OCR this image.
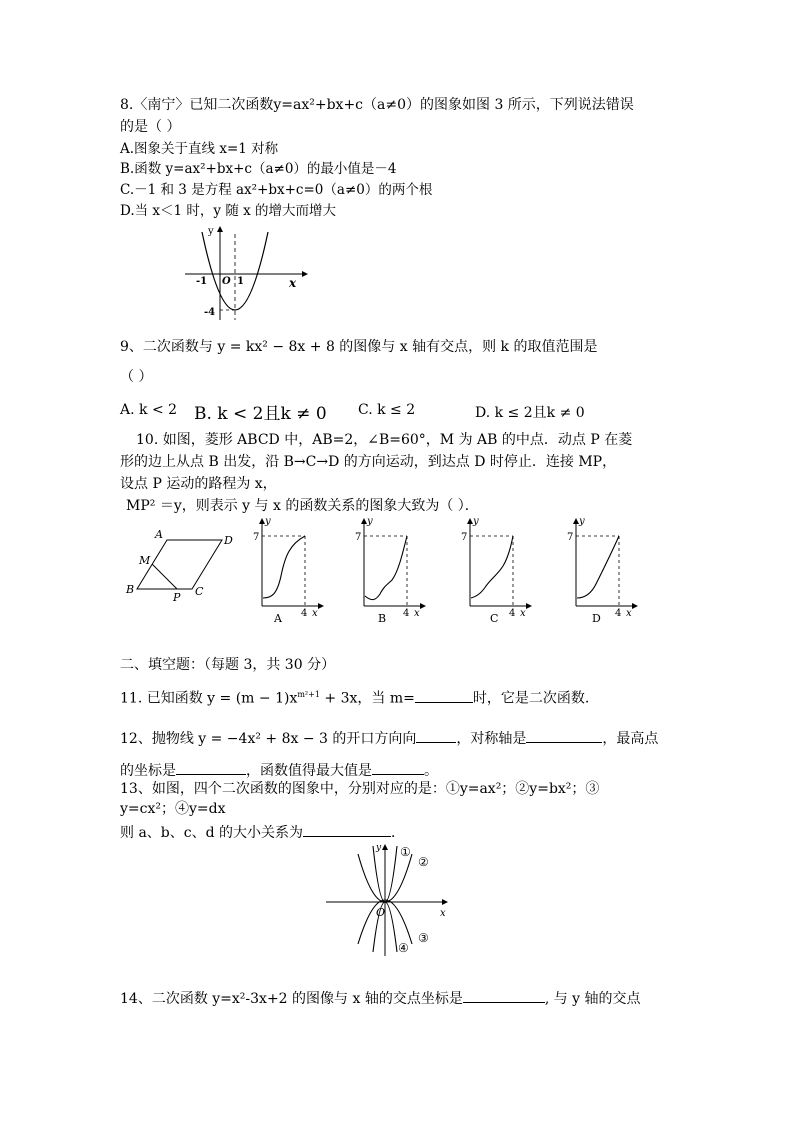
8.〈南宁〉已知二次函数y=ax²+bx+c（a≠0）的图象如图 3 所示，下列说法错误
的是（ ）
A.图象关于直线 x=1 对称
B.函数 y=ax²+bx+c（a≠0）的最小值是－4
C.－1 和 3 是方程 ax²+bx+c=0（a≠0）的两个根
D.当 x＜1 时，y 随 x 的增大而增大
y
x
-1 O 1
-4
9、二次函数与 y = kx² − 8x + 8 的图像与 x 轴有交点，则 k 的取值范围是
（ ）
A. k < 2 B. k < 2且k ≠ 0 C. k ≤ 2	D. k ≤ 2且k ≠ 0
10. 如图，菱形 ABCD 中，AB=2，∠B=60°，M 为 AB 的中点．动点 P 在菱
形的边上从点 B 出发，沿 B→C→D 的方向运动，到达点 D 时停止．连接 MP，
设点 P 运动的路程为 x，
MP² ＝y，则表示 y 与 x 的函数关系的图象大致为（ ）．
A	D
M
B
P C
y
7
4 x
A
y
7
4 x
B
y
7
4 x
C
y
7
4 x
D
二、填空题：（每题 3，共 30 分）
11. 已知函数 $y = (m - 1)x^{m^2+1} + 3x$，当 m=	时，它是二次函数.
12、抛物线 y = −4x² + 8x − 3 的开口方向向	，对称轴是	，最高点
的坐标是	，函数值得最大值是	。
13、如图，四个二次函数的图象中，分别对应的是：①y=ax²；②y=bx²；③
y=cx²；④y=dx
则 a、b、c、d 的大小关系为	．
y
x
O
①
②
③
④
14、二次函数 y=x²-3x+2 的图像与 x 轴的交点坐标是	, 与 y 轴的交点
